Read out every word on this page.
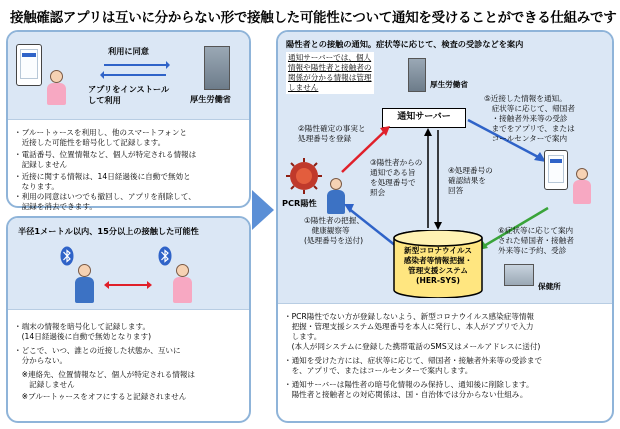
接触確認アプリは互いに分からない形で接触した可能性について通知を受けることができる仕組みです
利用に同意
アプリをインストール
して利用	厚生労働省
・ブルートゥースを利用し、他のスマートフォンと
　近接した可能性を暗号化して記録します。
・電話番号、位置情報など、個人が特定される情報は
　記録しません
・近接に関する情報は、14日経過後に自動で無効と
　なります。
・利用の同意はいつでも撤回し、アプリを削除して、
　記録を消去できます。
半径1メートル以内、15分以上の接触した可能性
・端末の情報を暗号化して記録します。
　(14日経過後に自動で無効となります)
・どこで、いつ、誰との近接した状態か、互いに
　分からない。
　※連絡先、位置情報など、個人が特定される情報は
　　記録しません
　※ブルートゥースをオフにすると記録されません
陽性者との接触の通知。症状等に応じて、検査の受診などを案内
通知サーバーでは、個人
情報や陽性者と接触者の
関係が分かる情報は管理
しません	厚生労働省
通知サーバー
②陽性確定の事実と
処理番号を登録
PCR陽性
③陽性者からの
通知である旨
を処理番号で
照会
④処理番号の
確認結果を
回答
⑤近接した情報を通知。
　症状等に応じて、帰国者
　・接触者外来等の受診
　までをアプリで、または
　コールセンターで案内
①陽性者の把握、
　健康観察等
(処理番号を送付)
新型コロナウイルス
感染者等情報把握・
管理支援システム
(HER-SYS)
保健所
⑥症状等に応じて案内
された帰国者・接触者
外来等に予約、受診
・PCR陽性でない方が登録しないよう、新型コロナウイルス感染症等情報
　把握・管理支援システム処理番号を本人に発行し、本人がアプリで入力
　します。
　(本人が同システムに登録した携帯電話のSMS又はメールアドレスに送付)
・通知を受けた方には、症状等に応じて、帰国者・接触者外来等の受診まで
　を、アプリで、またはコールセンターで案内します。
・通知サーバーは陽性者の暗号化情報のみ保持し、通知後に削除します。
　陽性者と接触者との対応関係は、国・自治体では分からない仕組み。
